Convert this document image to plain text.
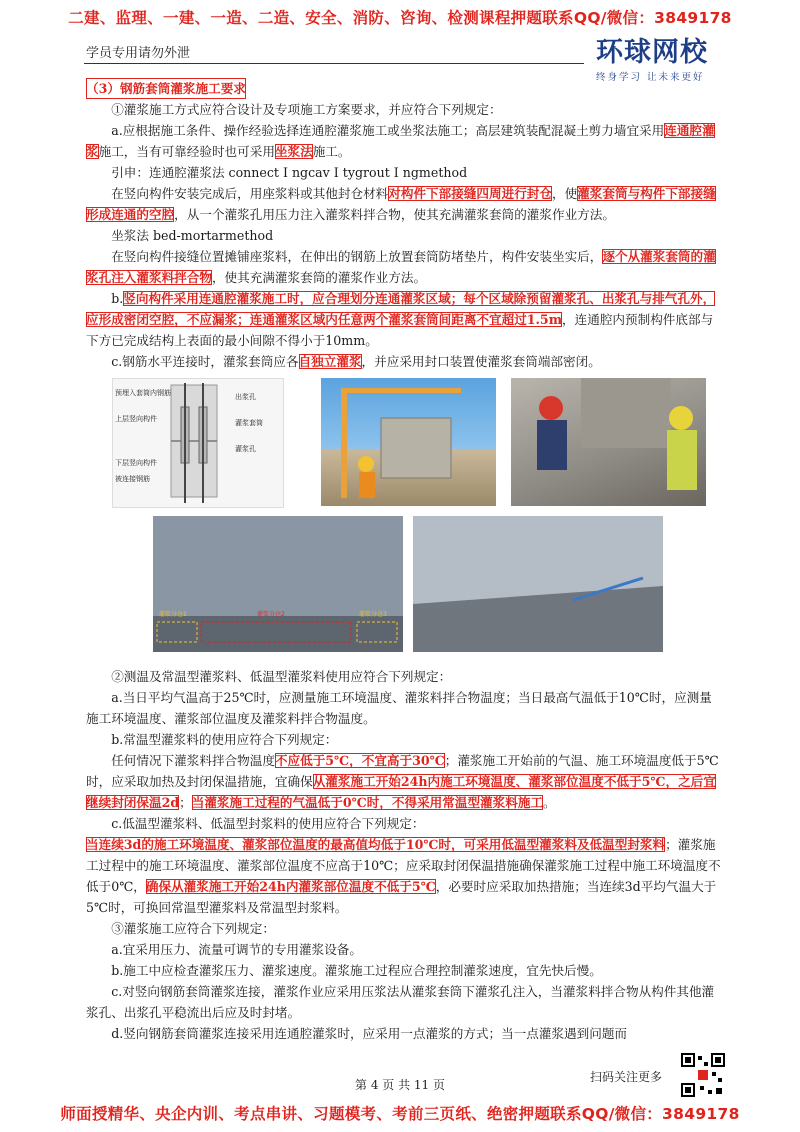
二建、监理、一建、一造、二造、安全、消防、咨询、检测课程押题联系QQ/微信：3849178
学员专用请勿外泄	环球网校
终身学习 让未来更好

（3）钢筋套筒灌浆施工要求

①灌浆施工方式应符合设计及专项施工方案要求，并应符合下列规定：

a.应根据施工条件、操作经验选择连通腔灌浆施工或坐浆法施工；高层建筑装配混凝土剪力墙宜采用连通腔灌浆施工，当有可靠经验时也可采用坐浆法施工。

引申：连通腔灌浆法 connect I ngcav I tygrout I ngmethod

在竖向构件安装完成后，用座浆料或其他封仓材料对构件下部接缝四周进行封仓，使灌浆套筒与构件下部接缝形成连通的空腔，从一个灌浆孔用压力注入灌浆料拌合物，使其充满灌浆套筒的灌浆作业方法。

坐浆法 bed-mortarmethod

在竖向构件接缝位置摊铺座浆料，在伸出的钢筋上放置套筒防堵垫片，构件安装坐实后，逐个从灌浆套筒的灌浆孔注入灌浆料拌合物，使其充满灌浆套筒的灌浆作业方法。

b.竖向构件采用连通腔灌浆施工时，应合理划分连通灌浆区域；每个区域除预留灌浆孔、出浆孔与排气孔外，应形成密闭空腔，不应漏浆；连通灌浆区域内任意两个灌浆套筒间距离不宜超过1.5m，连通腔内预制构件底部与下方已完成结构上表面的最小间隙不得小于10mm。

c.钢筋水平连接时，灌浆套筒应各自独立灌浆，并应采用封口装置使灌浆套筒端部密闭。

预埋入套筒内钢筋
上层竖向构件
下层竖向构件
被连接钢筋
出浆孔
灌浆套筒
灌浆孔
灌浆分仓1	灌浆分仓2	灌浆分仓3

②测温及常温型灌浆料、低温型灌浆料使用应符合下列规定：

a.当日平均气温高于25℃时，应测量施工环境温度、灌浆料拌合物温度；当日最高气温低于10℃时，应测量施工环境温度、灌浆部位温度及灌浆料拌合物温度。

b.常温型灌浆料的使用应符合下列规定：

任何情况下灌浆料拌合物温度不应低于5℃，不宜高于30℃；灌浆施工开始前的气温、施工环境温度低于5℃时，应采取加热及封闭保温措施，宜确保从灌浆施工开始24h内施工环境温度、灌浆部位温度不低于5℃，之后宜继续封闭保温2d；当灌浆施工过程的气温低于0℃时，不得采用常温型灌浆料施工。

c.低温型灌浆料、低温型封浆料的使用应符合下列规定：

当连续3d的施工环境温度、灌浆部位温度的最高值均低于10℃时，可采用低温型灌浆料及低温型封浆料；灌浆施工过程中的施工环境温度、灌浆部位温度不应高于10℃；应采取封闭保温措施确保灌浆施工过程中施工环境温度不低于0℃，确保从灌浆施工开始24h内灌浆部位温度不低于5℃，必要时应采取加热措施；当连续3d平均气温大于5℃时，可换回常温型灌浆料及常温型封浆料。

③灌浆施工应符合下列规定：

a.宜采用压力、流量可调节的专用灌浆设备。

b.施工中应检查灌浆压力、灌浆速度。灌浆施工过程应合理控制灌浆速度，宜先快后慢。

c.对竖向钢筋套筒灌浆连接，灌浆作业应采用压浆法从灌浆套筒下灌浆孔注入，当灌浆料拌合物从构件其他灌浆孔、出浆孔平稳流出后应及时封堵。

d.竖向钢筋套筒灌浆连接采用连通腔灌浆时，应采用一点灌浆的方式；当一点灌浆遇到问题而

扫码关注更多
第 4 页 共 11 页
师面授精华、央企内训、考点串讲、习题模考、考前三页纸、绝密押题联系QQ/微信：3849178
